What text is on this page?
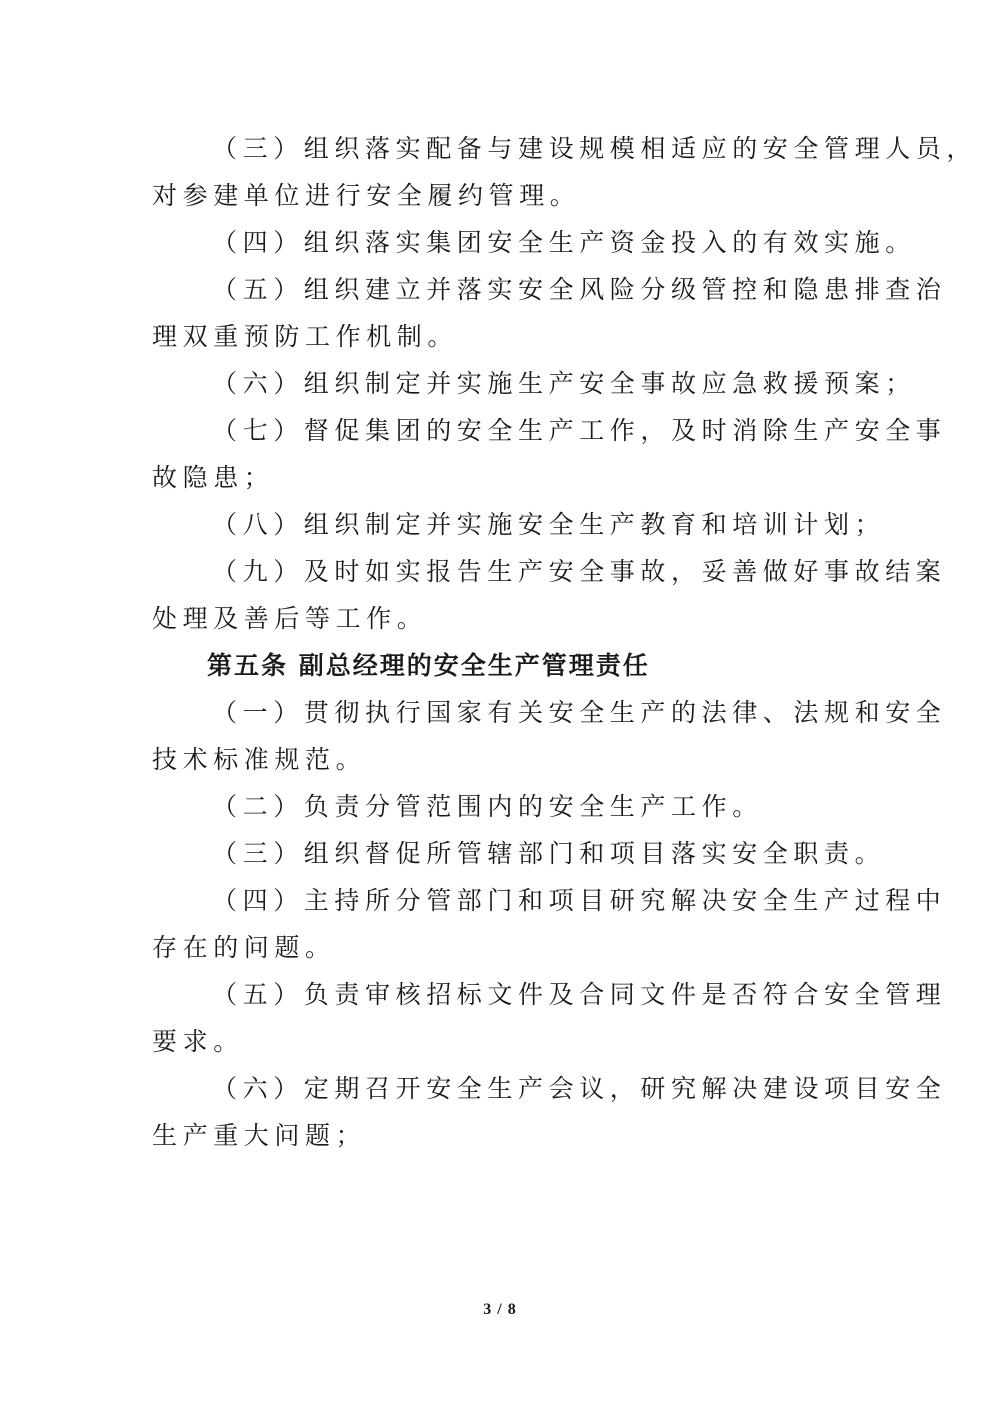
（三）组织落实配备与建设规模相适应的安全管理人员，
对参建单位进行安全履约管理。
（四）组织落实集团安全生产资金投入的有效实施。
（五）组织建立并落实安全风险分级管控和隐患排查治
理双重预防工作机制。
（六）组织制定并实施生产安全事故应急救援预案；
（七）督促集团的安全生产工作，及时消除生产安全事
故隐患；
（八）组织制定并实施安全生产教育和培训计划；
（九）及时如实报告生产安全事故，妥善做好事故结案
处理及善后等工作。
第五条 副总经理的安全生产管理责任
（一）贯彻执行国家有关安全生产的法律、法规和安全
技术标准规范。
（二）负责分管范围内的安全生产工作。
（三）组织督促所管辖部门和项目落实安全职责。
（四）主持所分管部门和项目研究解决安全生产过程中
存在的问题。
（五）负责审核招标文件及合同文件是否符合安全管理
要求。
（六）定期召开安全生产会议，研究解决建设项目安全
生产重大问题；
3 / 8
